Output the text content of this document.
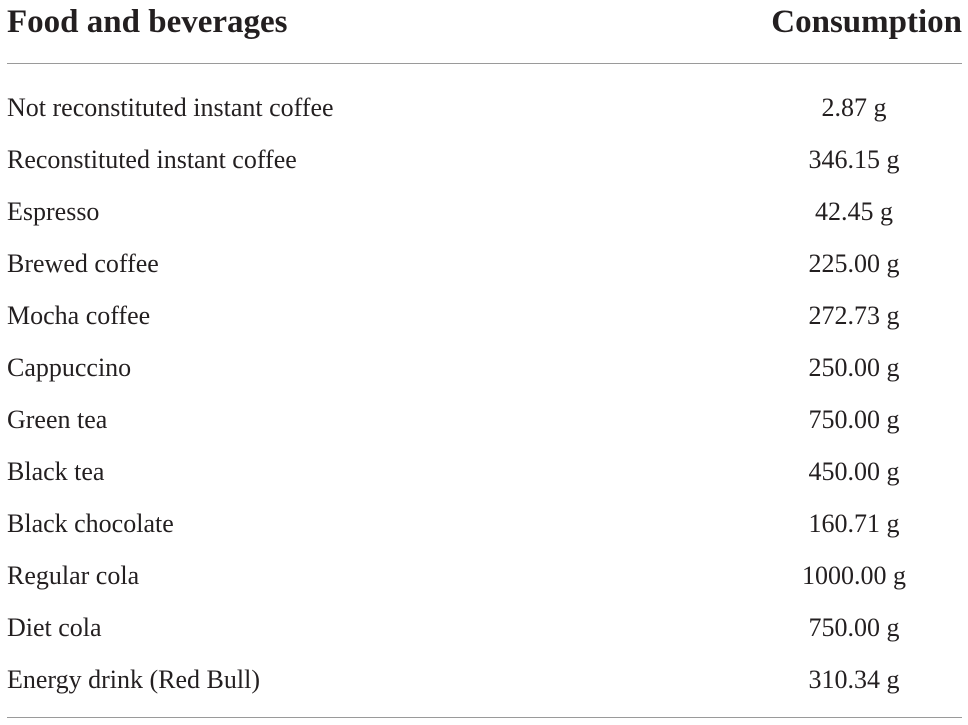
Food and beverages	Consumption
Not reconstituted instant coffee	2.87 g
Reconstituted instant coffee	346.15 g
Espresso	42.45 g
Brewed coffee	225.00 g
Mocha coffee	272.73 g
Cappuccino	250.00 g
Green tea	750.00 g
Black tea	450.00 g
Black chocolate	160.71 g
Regular cola	1000.00 g
Diet cola	750.00 g
Energy drink (Red Bull)	310.34 g
